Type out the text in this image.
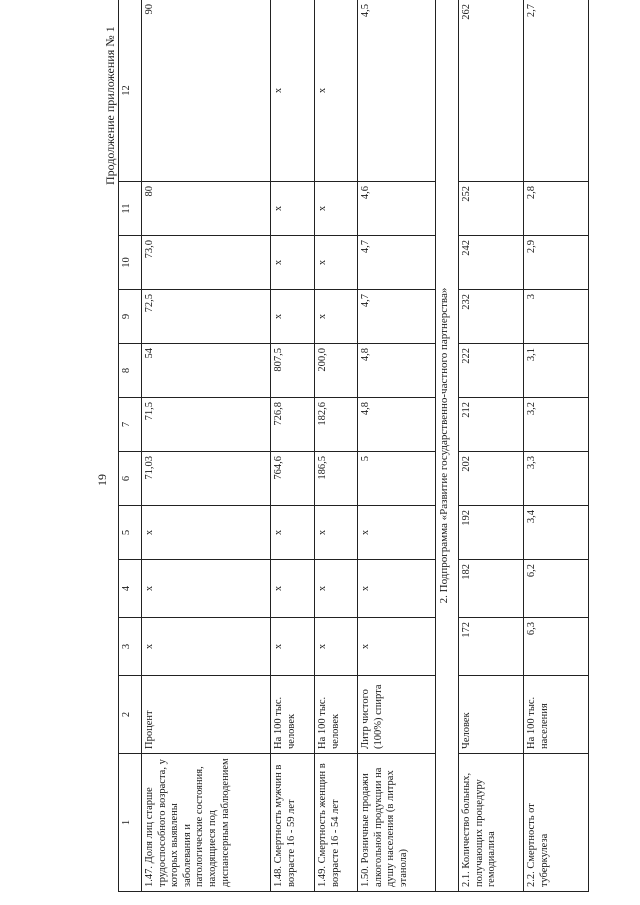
19
Продолжение приложения № 1
1	2	3	4	5	6	7	8	9	10	11	12
1.47. Доля лиц старше трудоспособного возраста, у которых выявлены заболевания и патологические состояния, находящиеся под диспансерным наблюдением	Процент	х	х	х	71,03	71,5	54	72,5	73,0	80	90
1.48. Смертность мужчин в возрасте 16 - 59 лет	На 100 тыс. человек	х	х	х	764,6	726,8	807,5	х	х	х	х
1.49. Смертность женщин в возрасте 16 - 54 лет	На 100 тыс. человек	х	х	х	186,5	182,6	200,0	х	х	х	х
1.50. Розничные продажи алкогольной продукции на душу населения (в литрах этанола)	Литр чистого (100%) спирта	х	х	х	5	4,8	4,8	4,7	4,7	4,6	4,5
2. Подпрограмма «Развитие государственно-частного партнерства»											
2.1. Количество больных, получающих процедуру гемодиализа	Человек	172	182	192	202	212	222	232	242	252	262
2.2. Смертность от туберкулеза	На 100 тыс. населения	6,3	6,2	3,4	3,3	3,2	3,1	3	2,9	2,8	2,7
